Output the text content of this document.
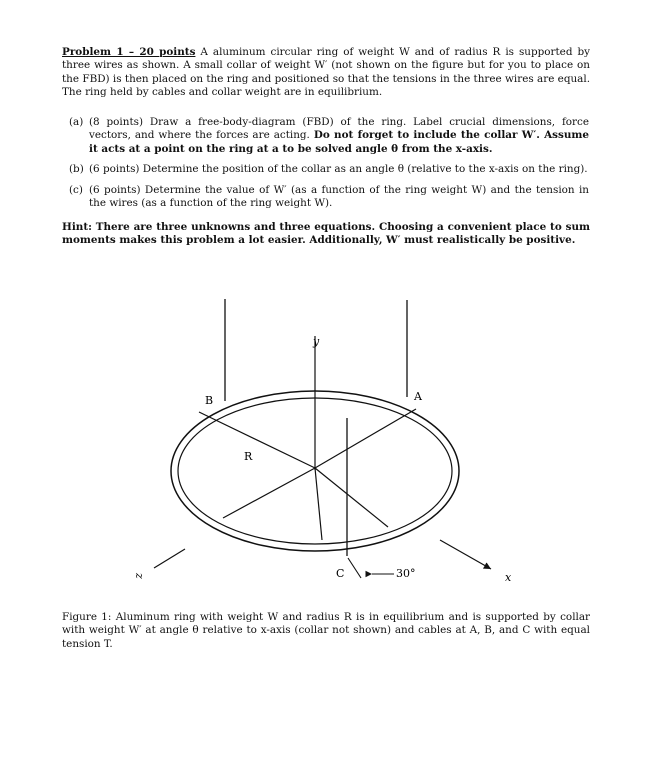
Problem 1 – 20 points A aluminum circular ring of weight W and of radius R is supported by three wires as shown. A small collar of weight W′ (not shown on the figure but for you to place on the FBD) is then placed on the ring and positioned so that the tensions in the three wires are equal. The ring held by cables and collar weight are in equilibrium.
(a) (8 points) Draw a free-body-diagram (FBD) of the ring. Label crucial dimensions, force vectors, and where the forces are acting. Do not forget to include the collar W′. Assume it acts at a point on the ring at a to be solved angle θ from the x-axis.
(b) (6 points) Determine the position of the collar as an angle θ (relative to the x-axis on the ring).
(c) (6 points) Determine the value of W′ (as a function of the ring weight W) and the tension in the wires (as a function of the ring weight W).
Hint: There are three unknowns and three equations. Choosing a convenient place to sum moments makes this problem a lot easier. Additionally, W′ must realistically be positive.
y
A
B
R
C	30°	x
z
Figure 1: Aluminum ring with weight W and radius R is in equilibrium and is supported by collar with weight W′ at angle θ relative to x-axis (collar not shown) and cables at A, B, and C with equal tension T.
